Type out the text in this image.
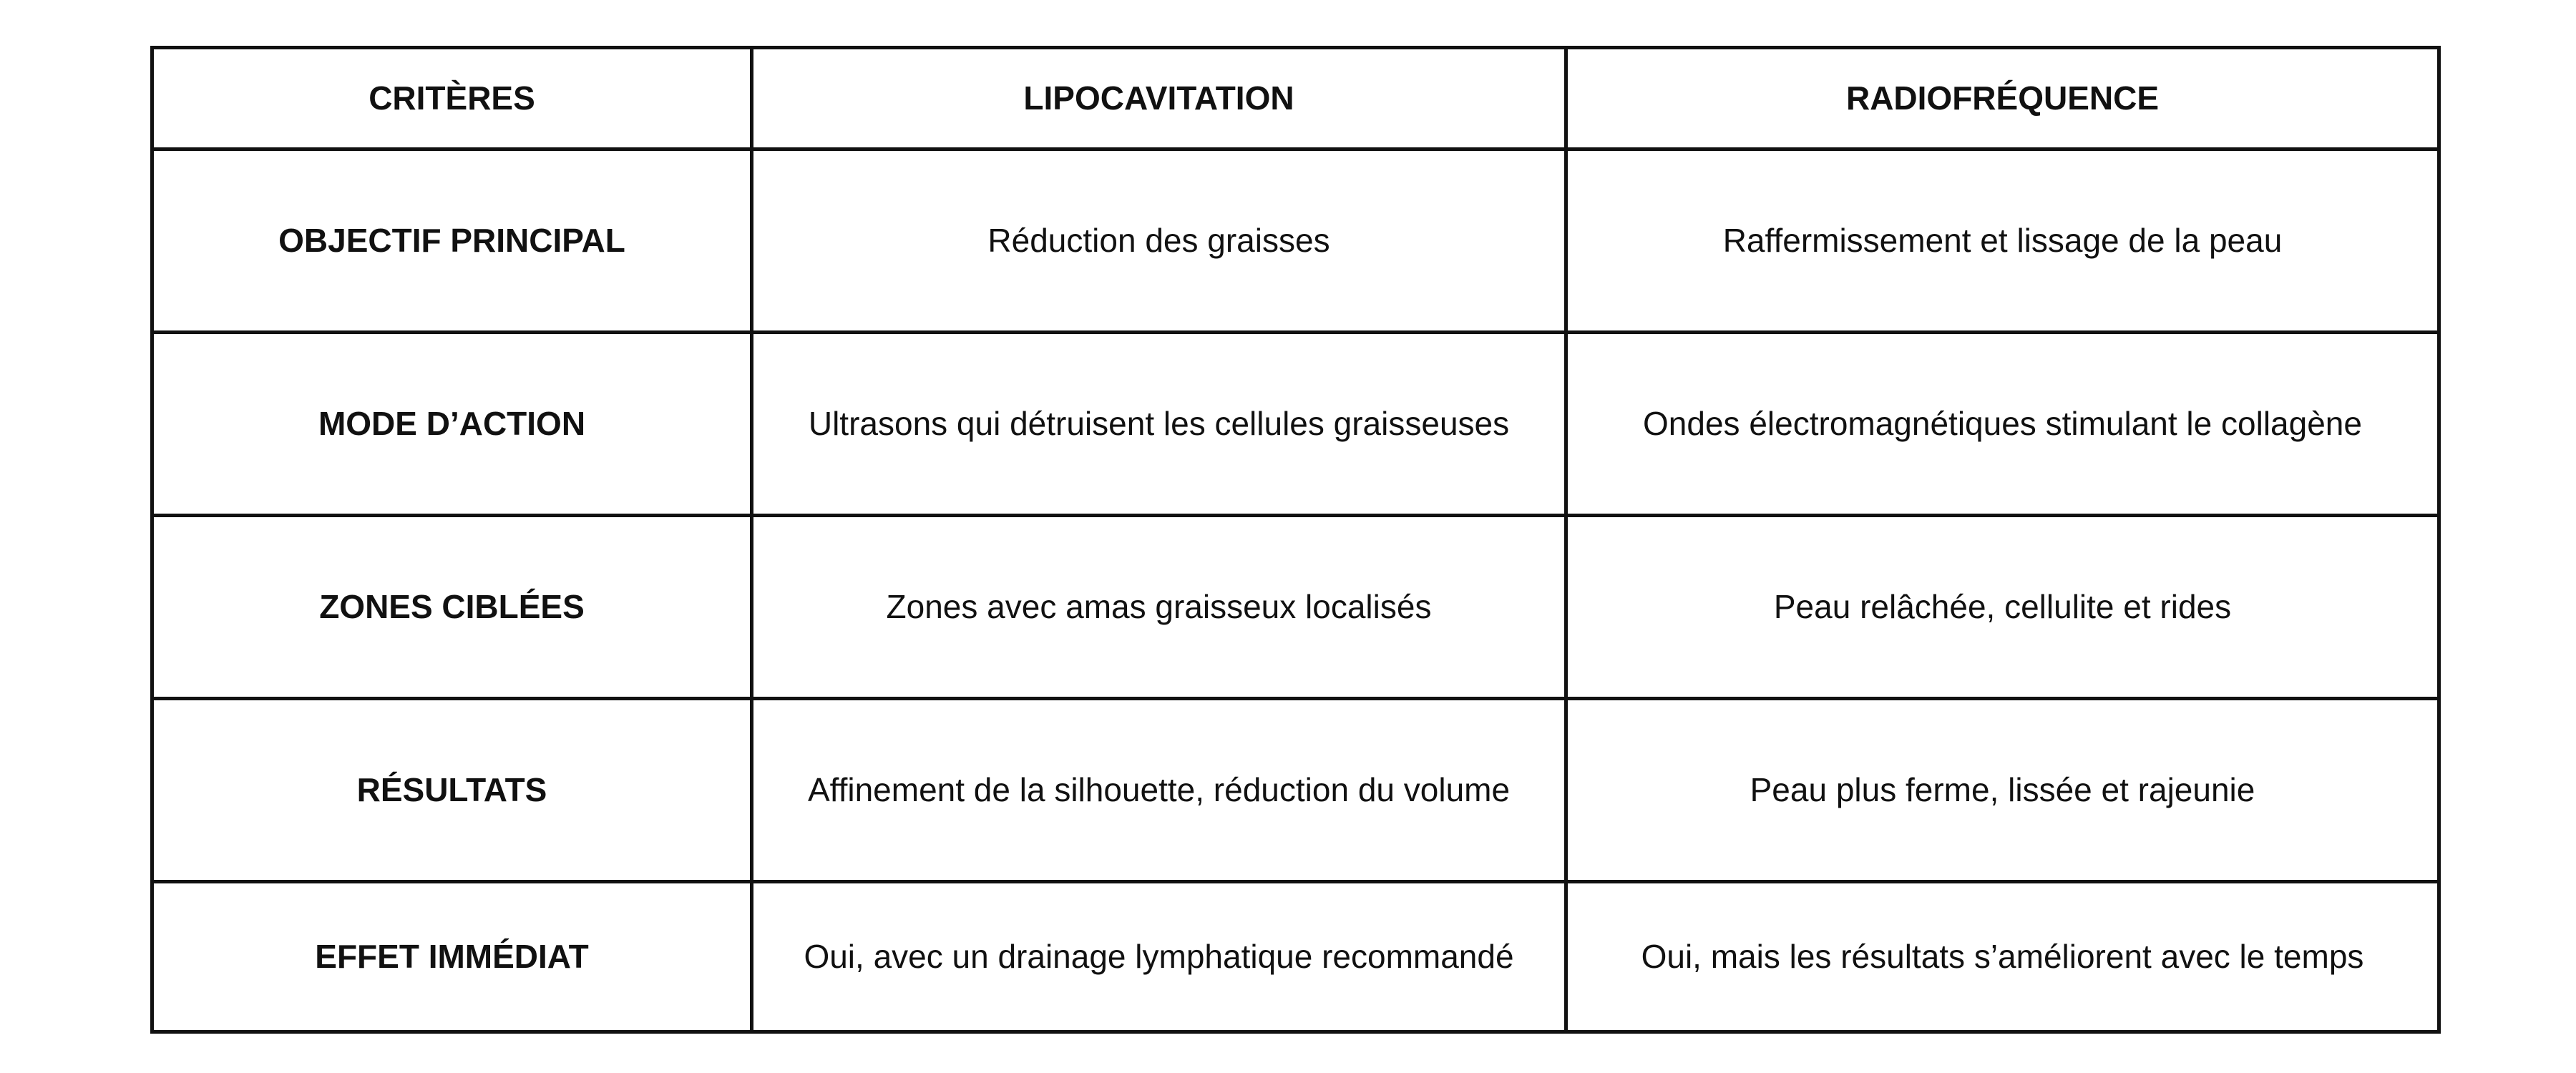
CRITÈRES	LIPOCAVITATION	RADIOFRÉQUENCE
OBJECTIF PRINCIPAL	Réduction des graisses	Raffermissement et lissage de la peau
MODE D’ACTION	Ultrasons qui détruisent les cellules graisseuses	Ondes électromagnétiques stimulant le collagène
ZONES CIBLÉES	Zones avec amas graisseux localisés	Peau relâchée, cellulite et rides
RÉSULTATS	Affinement de la silhouette, réduction du volume	Peau plus ferme, lissée et rajeunie
EFFET IMMÉDIAT	Oui, avec un drainage lymphatique recommandé	Oui, mais les résultats s’améliorent avec le temps
